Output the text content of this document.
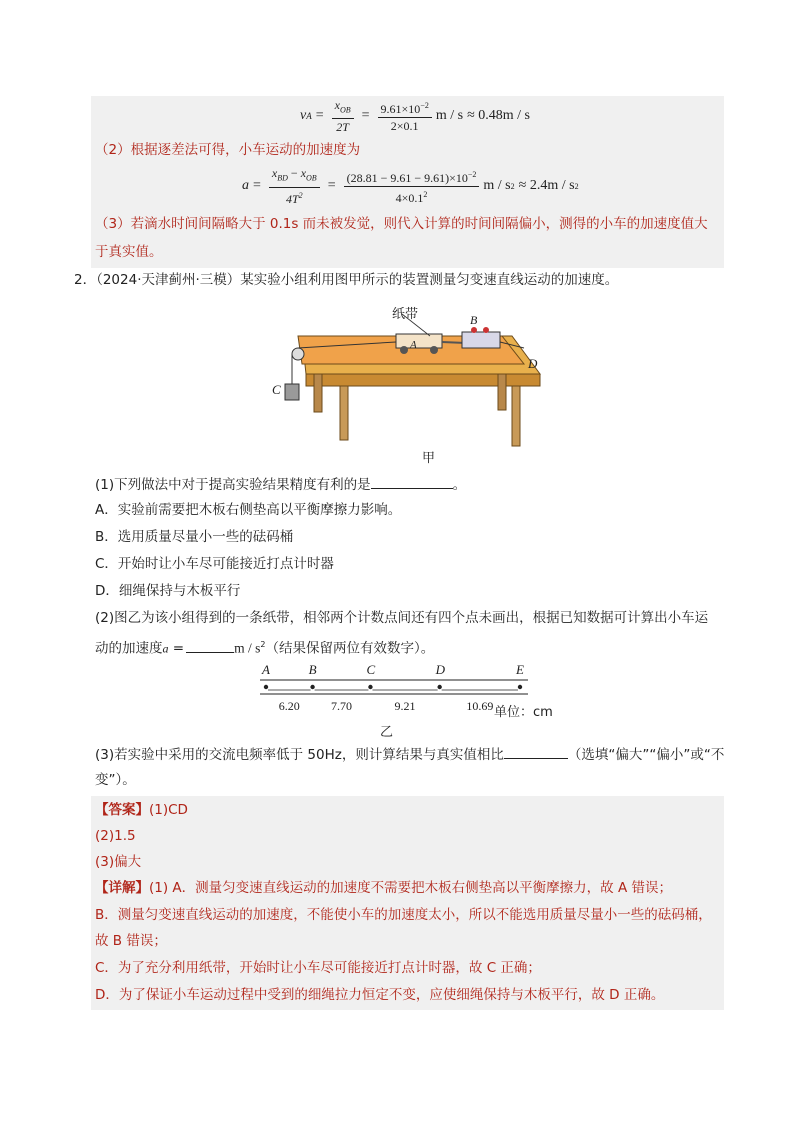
v $A = \frac{x_{OB}}{2T} = \frac{9.61\times 10^{-2}}{2\times 0.1}$ m / s ≈ 0.48m / s
（2）根据逐差法可得，小车运动的加速度为
$a = \frac{x_{BD} - x_{OB}}{4T^2} = \frac{(28.81 - 9.61 - 9.61)\times 10^{-2}}{4\times 0.1^2}$ m / s 2 ≈ 2.4m / s 2
（3）若滴水时间间隔略大于 0.1s 而未被发觉，则代入计算的时间间隔偏小，测得的小车的加速度值大
于真实值。
2．（2024·天津蓟州·三模）某实验小组利用图甲所示的装置测量匀变速直线运动的加速度。
纸带
A
B
C
D
甲
(1)下列做法中对于提高实验结果精度有利的是	。
A．实验前需要把木板右侧垫高以平衡摩擦力影响。
B．选用质量尽量小一些的砝码桶
C．开始时让小车尽可能接近打点计时器
D．细绳保持与木板平行
(2)图乙为该小组得到的一条纸带，相邻两个计数点间还有四个点未画出，根据已知数据可计算出小车运
动的加速度a =	m / $s^2$（结果保留两位有效数字）。
A	B	C	D	E
6.20	7.70	9.21	10.69 单位：cm
乙
(3)若实验中采用的交流电频率低于 50Hz，则计算结果与真实值相比	（选填“偏大”“偏小”或“不
变”）。
【答案】(1)CD
(2)1.5
(3)偏大
【详解】(1) A．测量匀变速直线运动的加速度不需要把木板右侧垫高以平衡摩擦力，故 A 错误；
B．测量匀变速直线运动的加速度，不能使小车的加速度太小，所以不能选用质量尽量小一些的砝码桶，
故 B 错误；
C．为了充分利用纸带，开始时让小车尽可能接近打点计时器，故 C 正确；
D．为了保证小车运动过程中受到的细绳拉力恒定不变，应使细绳保持与木板平行，故 D 正确。
